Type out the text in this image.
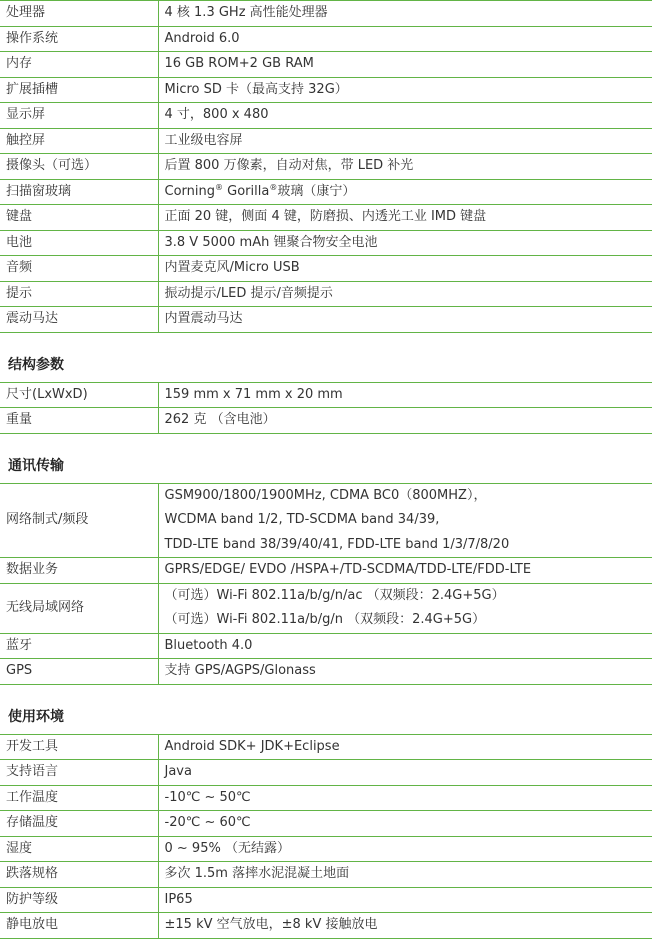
处理器	4 核 1.3 GHz 高性能处理器

操作系统	Android 6.0

内存	16 GB ROM+2 GB RAM

扩展插槽	Micro SD 卡（最高支持 32G）

显示屏	4 寸，800 x 480

触控屏	工业级电容屏

摄像头（可选）	后置 800 万像素，自动对焦，带 LED 补光

扫描窗玻璃	Corning® Gorilla®玻璃（康宁）

键盘	正面 20 键，侧面 4 键，防磨损、内透光工业 IMD 键盘

电池	3.8 V 5000 mAh 锂聚合物安全电池

音频	内置麦克风/Micro USB

提示	振动提示/LED 提示/音频提示

震动马达	内置震动马达
结构参数
尺寸(LxWxD)	159 mm x 71 mm x 20 mm

重量	262 克 （含电池）
通讯传输
网络制式/频段	GSM900/1800/1900MHz, CDMA BC0（800MHZ），
WCDMA band 1/2, TD-SCDMA band 34/39,
TDD-LTE band 38/39/40/41, FDD-LTE band 1/3/7/8/20

数据业务	GPRS/EDGE/ EVDO /HSPA+/TD-SCDMA/TDD-LTE/FDD-LTE

无线局域网络	（可选）Wi-Fi 802.11a/b/g/n/ac （双频段：2.4G+5G）
（可选）Wi-Fi 802.11a/b/g/n （双频段：2.4G+5G）

蓝牙	Bluetooth 4.0

GPS	支持 GPS/AGPS/Glonass
使用环境
开发工具	Android SDK+ JDK+Eclipse

支持语言	Java

工作温度	-10℃ ~ 50℃

存储温度	-20℃ ~ 60℃

湿度	0 ~ 95% （无结露）

跌落规格	多次 1.5m 落摔水泥混凝土地面

防护等级	IP65

静电放电	±15 kV 空气放电，±8 kV 接触放电
